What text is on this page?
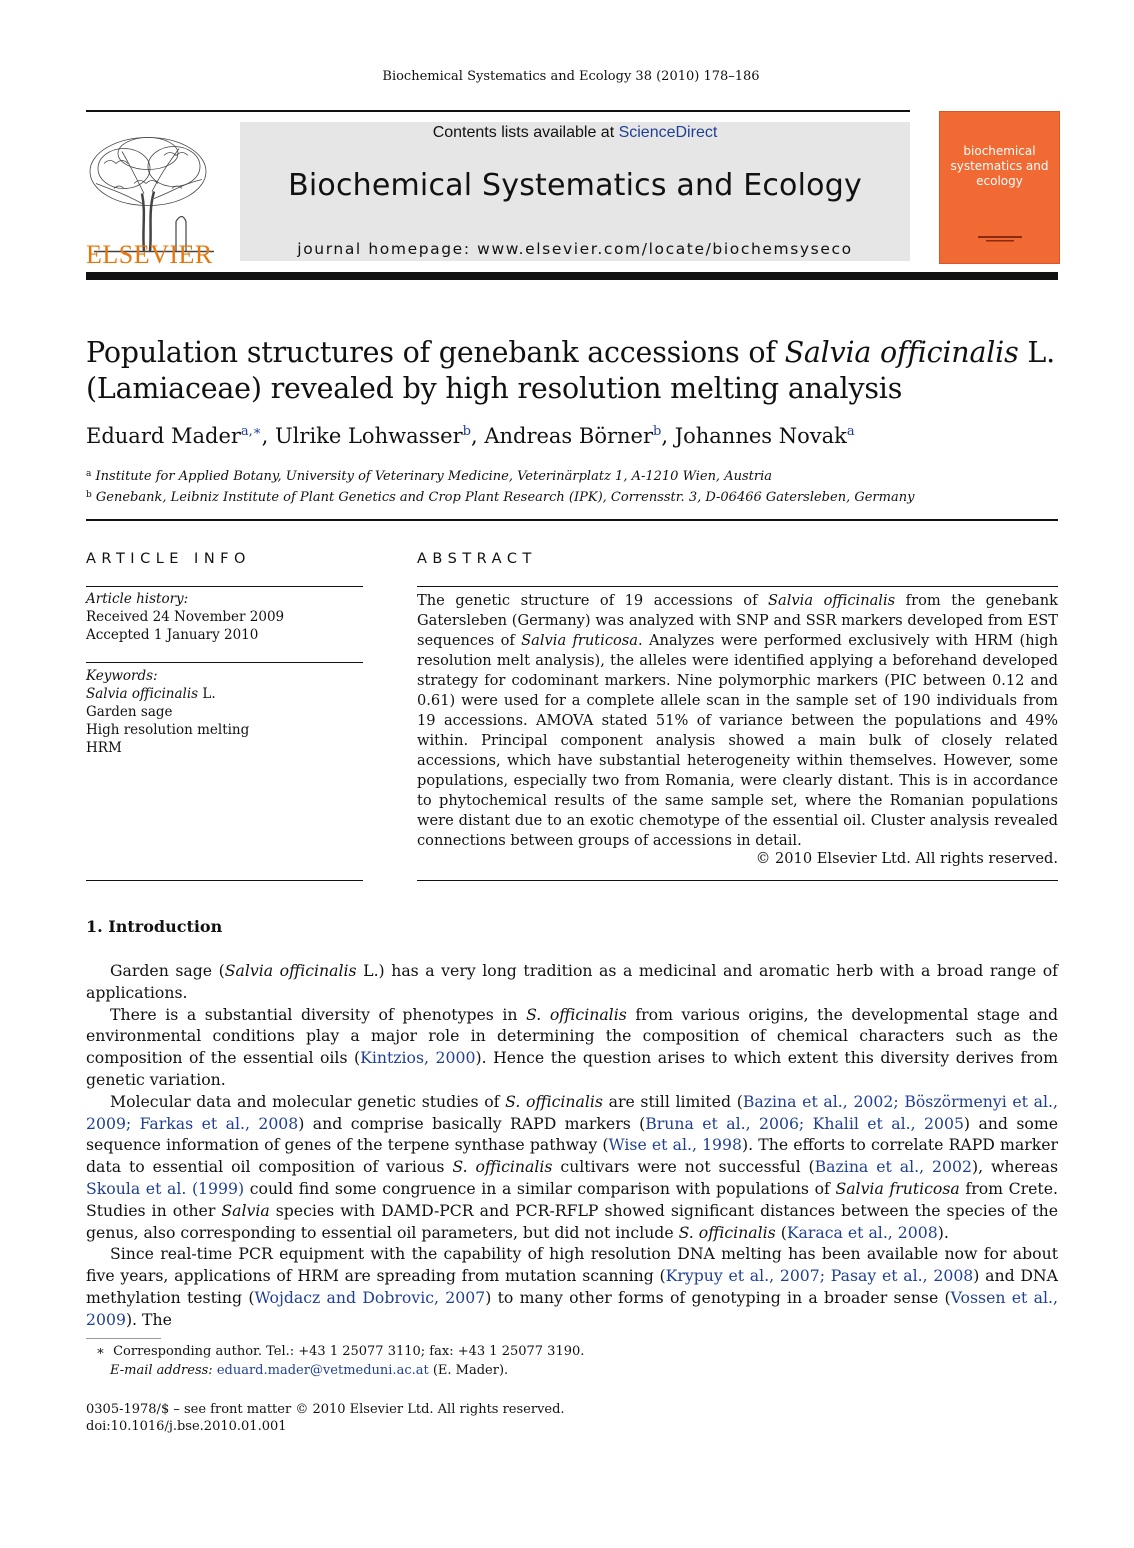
Biochemical Systematics and Ecology 38 (2010) 178–186
ELSEVIER
Contents lists available at ScienceDirect
Biochemical Systematics and Ecology
journal homepage: www.elsevier.com/locate/biochemsyseco
biochemical systematics and ecology
Population structures of genebank accessions of Salvia officinalis L. (Lamiaceae) revealed by high resolution melting analysis
Eduard Mader$^{a,∗}$, Ulrike Lohwasser$^b$, Andreas Börner$^b$, Johannes Novak$^a$
$^a$ Institute for Applied Botany, University of Veterinary Medicine, Veterinärplatz 1, A-1210 Wien, Austria
$^b$ Genebank, Leibniz Institute of Plant Genetics and Crop Plant Research (IPK), Corrensstr. 3, D-06466 Gatersleben, Germany
ARTICLE INFO
Article history:
Received 24 November 2009
Accepted 1 January 2010
Keywords:
Salvia officinalis L.
Garden sage
High resolution melting
HRM
ABSTRACT
The genetic structure of 19 accessions of Salvia officinalis from the genebank Gatersleben (Germany) was analyzed with SNP and SSR markers developed from EST sequences of Salvia fruticosa. Analyzes were performed exclusively with HRM (high resolution melt analysis), the alleles were identified applying a beforehand developed strategy for codominant markers. Nine polymorphic markers (PIC between 0.12 and 0.61) were used for a complete allele scan in the sample set of 190 individuals from 19 accessions. AMOVA stated 51% of variance between the populations and 49% within. Principal component analysis showed a main bulk of closely related accessions, which have substantial heterogeneity within themselves. However, some populations, especially two from Romania, were clearly distant. This is in accordance to phytochemical results of the same sample set, where the Romanian populations were distant due to an exotic chemotype of the essential oil. Cluster analysis revealed connections between groups of accessions in detail.
© 2010 Elsevier Ltd. All rights reserved.
1. Introduction

Garden sage (Salvia officinalis L.) has a very long tradition as a medicinal and aromatic herb with a broad range of applications.

There is a substantial diversity of phenotypes in S. officinalis from various origins, the developmental stage and environmental conditions play a major role in determining the composition of chemical characters such as the composition of the essential oils (Kintzios, 2000). Hence the question arises to which extent this diversity derives from genetic variation.

Molecular data and molecular genetic studies of S. officinalis are still limited (Bazina et al., 2002; Böszörmenyi et al., 2009; Farkas et al., 2008) and comprise basically RAPD markers (Bruna et al., 2006; Khalil et al., 2005) and some sequence information of genes of the terpene synthase pathway (Wise et al., 1998). The efforts to correlate RAPD marker data to essential oil composition of various S. officinalis cultivars were not successful (Bazina et al., 2002), whereas Skoula et al. (1999) could find some congruence in a similar comparison with populations of Salvia fruticosa from Crete. Studies in other Salvia species with DAMD-PCR and PCR-RFLP showed significant distances between the species of the genus, also corresponding to essential oil parameters, but did not include S. officinalis (Karaca et al., 2008).

Since real-time PCR equipment with the capability of high resolution DNA melting has been available now for about five years, applications of HRM are spreading from mutation scanning (Krypuy et al., 2007; Pasay et al., 2008) and DNA methylation testing (Wojdacz and Dobrovic, 2007) to many other forms of genotyping in a broader sense (Vossen et al., 2009). The

∗ Corresponding author. Tel.: +43 1 25077 3110; fax: +43 1 25077 3190.
E-mail address: eduard.mader@vetmeduni.ac.at (E. Mader).
0305-1978/$ – see front matter © 2010 Elsevier Ltd. All rights reserved.
doi:10.1016/j.bse.2010.01.001
